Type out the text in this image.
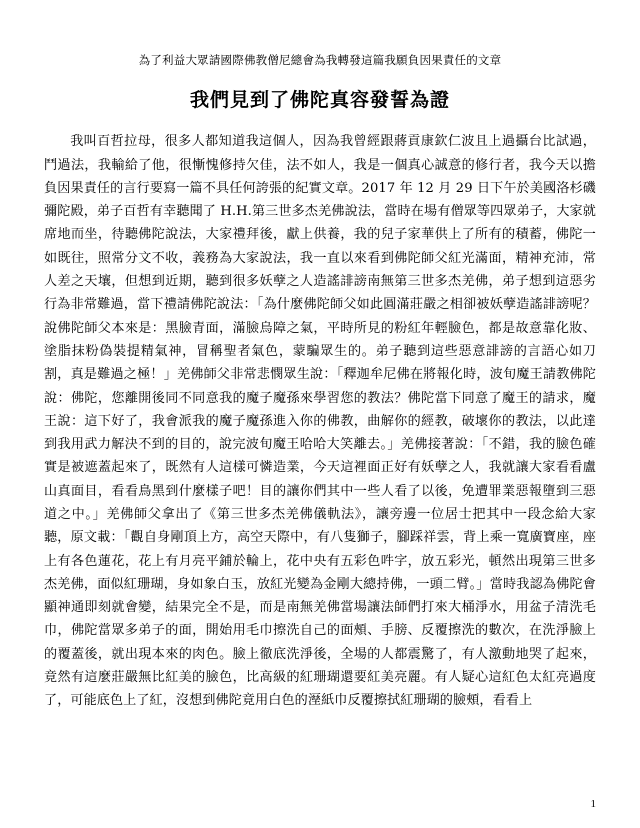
為了利益大眾請國際佛教僧尼總會為我轉發這篇我願負因果責任的文章

我們見到了佛陀真容發誓為證

我叫百哲拉母，很多人都知道我這個人，因為我曾經跟蔣貢康欽仁波且上過攝台比試過，鬥過法，我輸給了他，很慚愧修持欠佳，法不如人，我是一個真心誠意的修行者，我今天以擔負因果責任的言行要寫一篇不具任何誇張的紀實文章。2017 年 12 月 29 日下午於美國洛杉磯彌陀殿，弟子百哲有幸聽聞了 H.H.第三世多杰羌佛說法，當時在場有僧眾等四眾弟子，大家就席地而坐，待聽佛陀說法，大家禮拜後，獻上供養，我的兒子家華供上了所有的積蓄，佛陀一如既往，照常分文不收，義務為大家說法，我一直以來看到佛陀師父紅光滿面，精神充沛，常人差之天壤，但想到近期，聽到很多妖孽之人造謠誹謗南無第三世多杰羌佛，弟子想到這惡劣行為非常難過，當下禮請佛陀說法：「為什麼佛陀師父如此圓滿莊嚴之相卻被妖孽造謠誹謗呢？說佛陀師父本來是：黑臉青面，滿臉烏障之氣，平時所見的粉紅年輕臉色，都是故意靠化妝、塗脂抹粉偽裝提精氣神，冒稱聖者氣色，蒙騙眾生的。弟子聽到這些惡意誹謗的言語心如刀割，真是難過之極！」羌佛師父非常悲憫眾生說：「釋迦牟尼佛在將報化時，波旬魔王請教佛陀說：佛陀，您離開後同不同意我的魔子魔孫來學習您的教法？佛陀當下同意了魔王的請求，魔王說：這下好了，我會派我的魔子魔孫進入你的佛教，曲解你的經教，破壞你的教法，以此達到我用武力解決不到的目的，說完波旬魔王哈哈大笑離去。」羌佛接著說：「不錯，我的臉色確實是被遮蓋起來了，既然有人這樣可憐造業，今天這裡面正好有妖孽之人，我就讓大家看看盧山真面目，看看鳥黑到什麼樣子吧！目的讓你們其中一些人看了以後，免遭罪業惡報墮到三惡道之中。」羌佛師父拿出了《第三世多杰羌佛儀軌法》，讓旁邊一位居士把其中一段念給大家聽，原文載：「觀自身剛頂上方，高空天際中，有八隻獅子，腳踩祥雲，背上乘一寬廣寶座，座上有各色蓮花，花上有月亮平鋪於輪上，花中央有五彩色吽字，放五彩光，頓然出現第三世多杰羌佛，面似紅珊瑚，身如象白玉，放紅光變為金剛大總持佛，一頭二臂。」當時我認為佛陀會顯神通即刻就會變，結果完全不是，而是南無羌佛當場讓法師們打來大桶淨水，用盆子清洗毛巾，佛陀當眾多弟子的面，開始用毛巾擦洗自己的面頰、手膀、反覆擦洗的數次，在洗淨臉上的覆蓋後，就出現本來的肉色。臉上徹底洗淨後，全場的人都震驚了，有人激動地哭了起來，竟然有這麼莊嚴無比紅美的臉色，比高級的紅珊瑚還要紅美亮麗。有人疑心這紅色太紅亮過度了，可能底色上了紅，沒想到佛陀竟用白色的溼紙巾反覆擦拭紅珊瑚的臉頰，看看上

1
